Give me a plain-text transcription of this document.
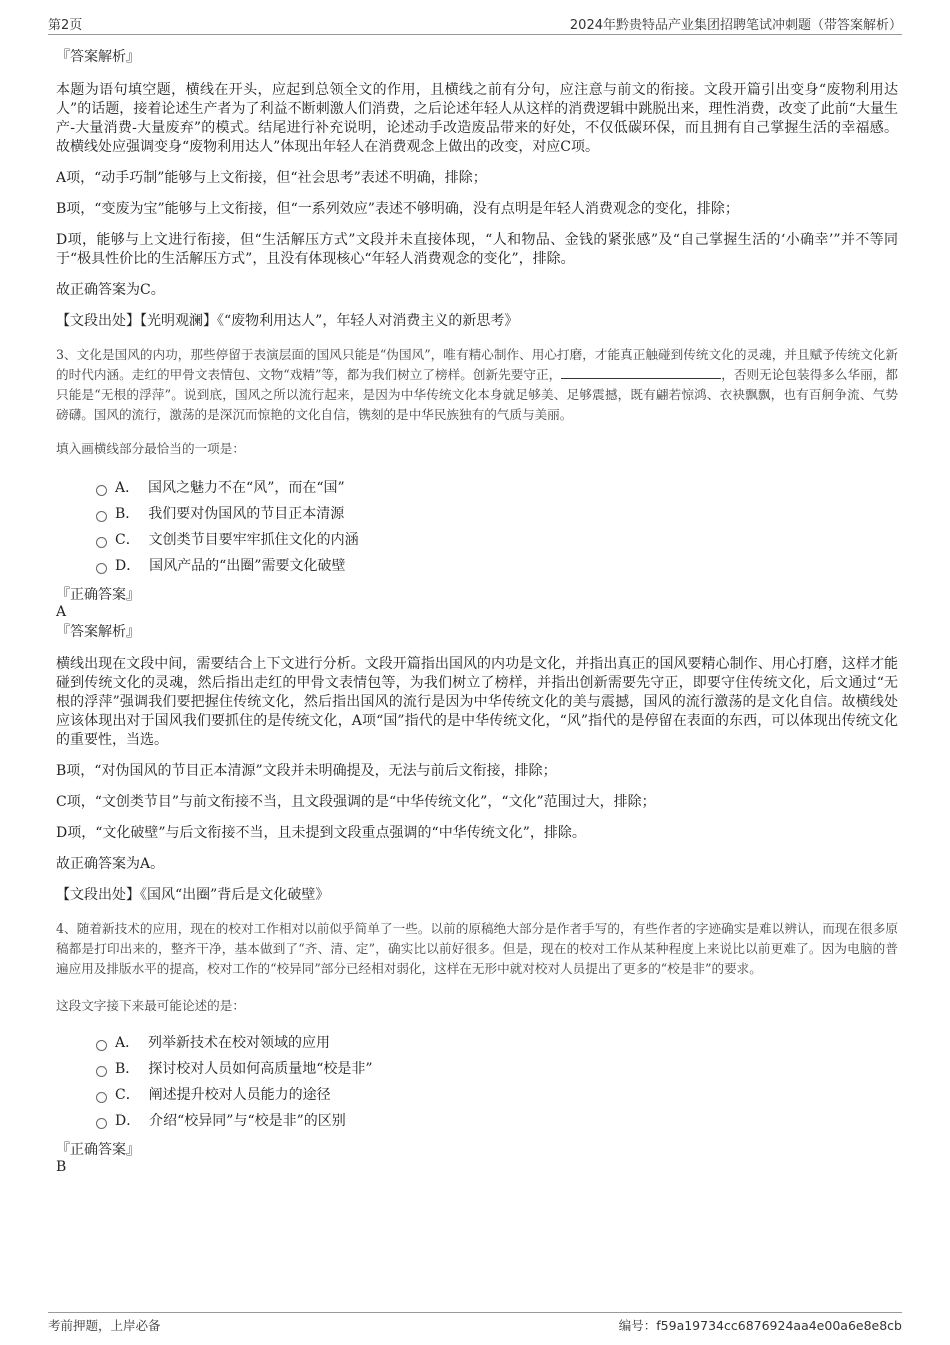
第2页	2024年黔贵特品产业集团招聘笔试冲刺题（带答案解析）
『答案解析』

本题为语句填空题，横线在开头，应起到总领全文的作用，且横线之前有分句，应注意与前文的衔接。文段开篇引出变身“废物利用达人”的话题，接着论述生产者为了利益不断刺激人们消费，之后论述年轻人从这样的消费逻辑中跳脱出来，理性消费，改变了此前“大量生产-大量消费-大量废弃”的模式。结尾进行补充说明，论述动手改造废品带来的好处，不仅低碳环保，而且拥有自己掌握生活的幸福感。故横线处应强调变身“废物利用达人”体现出年轻人在消费观念上做出的改变，对应C项。

A项，“动手巧制”能够与上文衔接，但“社会思考”表述不明确，排除；

B项，“变废为宝”能够与上文衔接，但“一系列效应”表述不够明确，没有点明是年轻人消费观念的变化，排除；

D项，能够与上文进行衔接，但“生活解压方式”文段并未直接体现，“人和物品、金钱的紧张感”及“自己掌握生活的‘小确幸’”并不等同于“极具性价比的生活解压方式”，且没有体现核心“年轻人消费观念的变化”，排除。

故正确答案为C。

【文段出处】【光明观澜】《“废物利用达人”，年轻人对消费主义的新思考》

3、文化是国风的内功，那些停留于表演层面的国风只能是“伪国风”，唯有精心制作、用心打磨，才能真正触碰到传统文化的灵魂，并且赋予传统文化新的时代内涵。走红的甲骨文表情包、文物“戏精”等，都为我们树立了榜样。创新先要守正，	，否则无论包装得多么华丽，都只能是“无根的浮萍”。说到底，国风之所以流行起来，是因为中华传统文化本身就足够美、足够震撼，既有翩若惊鸿、衣袂飘飘，也有百舸争流、气势磅礴。国风的流行，激荡的是深沉而惊艳的文化自信，镌刻的是中华民族独有的气质与美丽。

填入画横线部分最恰当的一项是：
A． 国风之魅力不在“风”，而在“国”
B． 我们要对伪国风的节目正本清源
C． 文创类节目要牢牢抓住文化的内涵
D． 国风产品的“出圈”需要文化破壁
『正确答案』
A
『答案解析』

横线出现在文段中间，需要结合上下文进行分析。文段开篇指出国风的内功是文化，并指出真正的国风要精心制作、用心打磨，这样才能碰到传统文化的灵魂，然后指出走红的甲骨文表情包等，为我们树立了榜样，并指出创新需要先守正，即要守住传统文化，后文通过“无根的浮萍”强调我们要把握住传统文化，然后指出国风的流行是因为中华传统文化的美与震撼，国风的流行激荡的是文化自信。故横线处应该体现出对于国风我们要抓住的是传统文化，A项“国”指代的是中华传统文化，“风”指代的是停留在表面的东西，可以体现出传统文化的重要性，当选。

B项，“对伪国风的节目正本清源”文段并未明确提及，无法与前后文衔接，排除；

C项，“文创类节目”与前文衔接不当，且文段强调的是“中华传统文化”，“文化”范围过大，排除；

D项，“文化破壁”与后文衔接不当，且未提到文段重点强调的“中华传统文化”，排除。

故正确答案为A。

【文段出处】《国风“出圈”背后是文化破壁》

4、随着新技术的应用，现在的校对工作相对以前似乎简单了一些。以前的原稿绝大部分是作者手写的，有些作者的字迹确实是难以辨认，而现在很多原稿都是打印出来的，整齐干净，基本做到了“齐、清、定”，确实比以前好很多。但是，现在的校对工作从某种程度上来说比以前更难了。因为电脑的普遍应用及排版水平的提高，校对工作的“校异同”部分已经相对弱化，这样在无形中就对校对人员提出了更多的“校是非”的要求。

这段文字接下来最可能论述的是：
A． 列举新技术在校对领域的应用
B． 探讨校对人员如何高质量地“校是非”
C． 阐述提升校对人员能力的途径
D． 介绍“校异同”与“校是非”的区别
『正确答案』
B
考前押题，上岸必备	编号：f59a19734cc6876924aa4e00a6e8e8cb
